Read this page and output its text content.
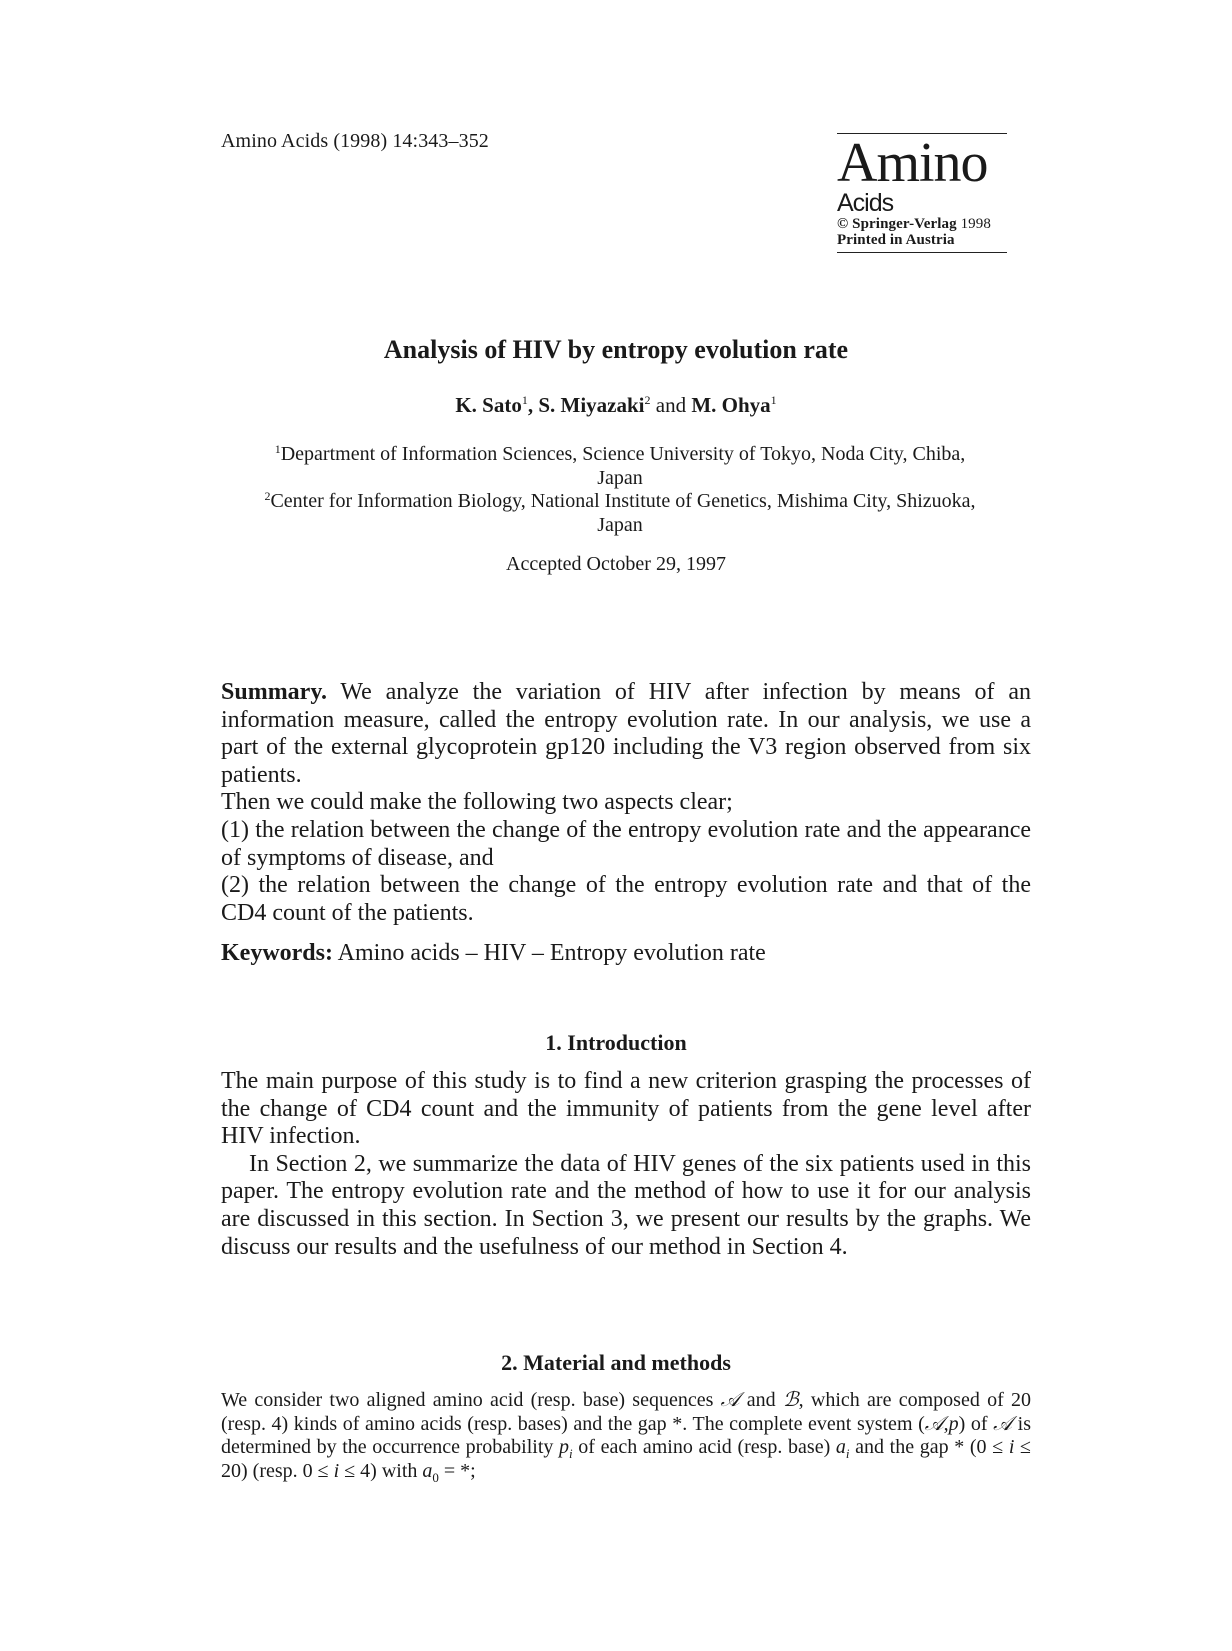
Amino Acids (1998) 14:343–352	Amino
Acids
© Springer-Verlag 1998
Printed in Austria
Analysis of HIV by entropy evolution rate
K. Sato$^1$, S. Miyazaki$^2$ and M. Ohya$^1$
$^1$Department of Information Sciences, Science University of Tokyo, Noda City, Chiba, Japan
$^2$Center for Information Biology, National Institute of Genetics, Mishima City, Shizuoka, Japan
Accepted October 29, 1997

Summary. We analyze the variation of HIV after infection by means of an information measure, called the entropy evolution rate. In our analysis, we use a part of the external glycoprotein gp120 including the V3 region observed from six patients.

Then we could make the following two aspects clear;

(1) the relation between the change of the entropy evolution rate and the appearance of symptoms of disease, and

(2) the relation between the change of the entropy evolution rate and that of the CD4 count of the patients.

Keywords: Amino acids – HIV – Entropy evolution rate
1. Introduction

The main purpose of this study is to find a new criterion grasping the processes of the change of CD4 count and the immunity of patients from the gene level after HIV infection.

In Section 2, we summarize the data of HIV genes of the six patients used in this paper. The entropy evolution rate and the method of how to use it for our analysis are discussed in this section. In Section 3, we present our results by the graphs. We discuss our results and the usefulness of our method in Section 4.

2. Material and methods

We consider two aligned amino acid (resp. base) sequences 𝒜 and ℬ, which are composed of 20 (resp. 4) kinds of amino acids (resp. bases) and the gap *. The complete event system (𝒜,p) of 𝒜 is determined by the occurrence probability $p_i$ of each amino acid (resp. base) $a_i$ and the gap * (0 ≤ i ≤ 20) (resp. 0 ≤ i ≤ 4) with $a_0$ = *;
